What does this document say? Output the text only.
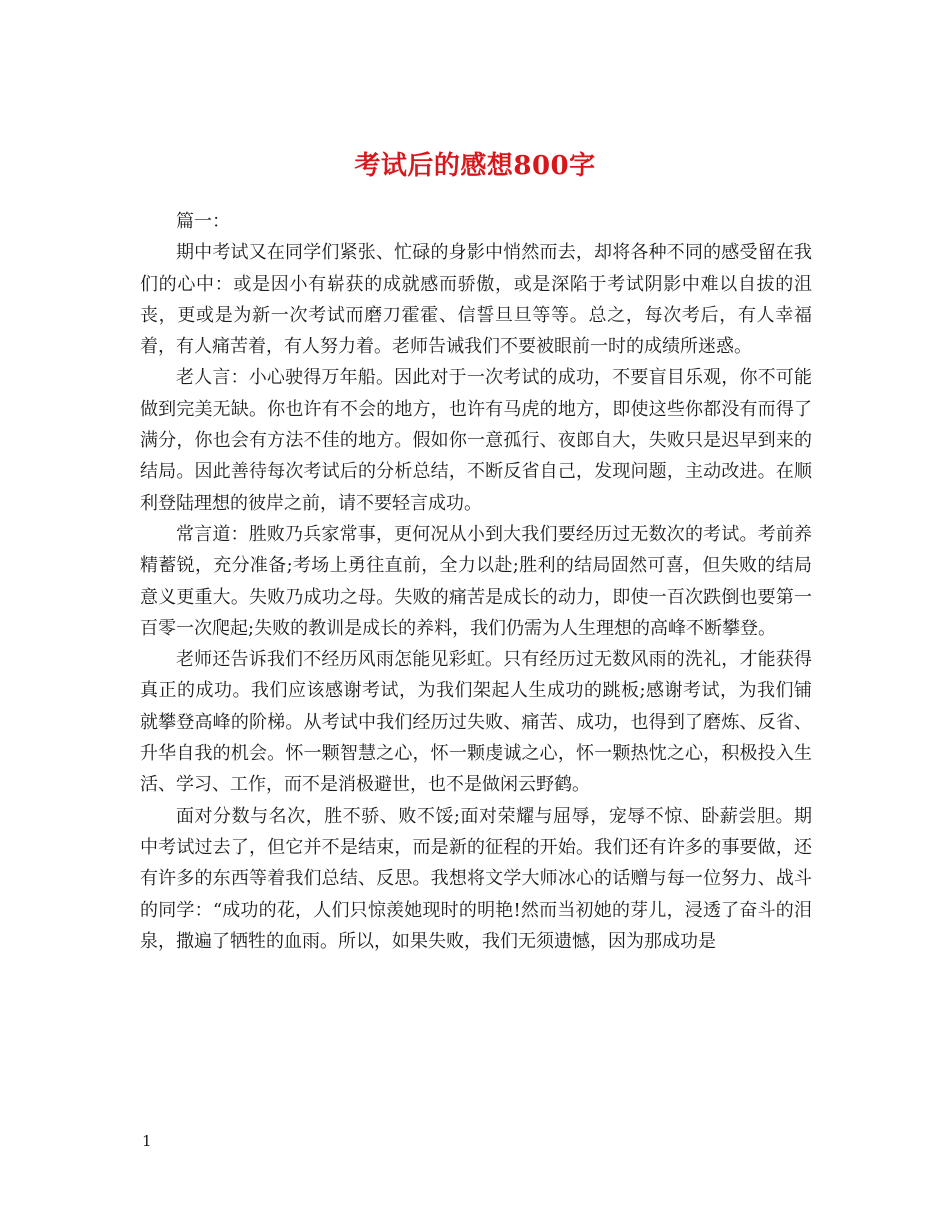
考试后的感想800字

篇一：

期中考试又在同学们紧张、忙碌的身影中悄然而去，却将各种不同的感受留在我们的心中：或是因小有崭获的成就感而骄傲，或是深陷于考试阴影中难以自拔的沮丧，更或是为新一次考试而磨刀霍霍、信誓旦旦等等。总之，每次考后，有人幸福着，有人痛苦着，有人努力着。老师告诫我们不要被眼前一时的成绩所迷惑。

老人言：小心驶得万年船。因此对于一次考试的成功，不要盲目乐观，你不可能做到完美无缺。你也许有不会的地方，也许有马虎的地方，即使这些你都没有而得了满分，你也会有方法不佳的地方。假如你一意孤行、夜郎自大，失败只是迟早到来的结局。因此善待每次考试后的分析总结，不断反省自己，发现问题，主动改进。在顺利登陆理想的彼岸之前，请不要轻言成功。

常言道：胜败乃兵家常事，更何况从小到大我们要经历过无数次的考试。考前养精蓄锐，充分准备;考场上勇往直前，全力以赴;胜利的结局固然可喜，但失败的结局意义更重大。失败乃成功之母。失败的痛苦是成长的动力，即使一百次跌倒也要第一百零一次爬起;失败的教训是成长的养料，我们仍需为人生理想的高峰不断攀登。

老师还告诉我们不经历风雨怎能见彩虹。只有经历过无数风雨的洗礼，才能获得真正的成功。我们应该感谢考试，为我们架起人生成功的跳板;感谢考试，为我们铺就攀登高峰的阶梯。从考试中我们经历过失败、痛苦、成功，也得到了磨炼、反省、升华自我的机会。怀一颗智慧之心，怀一颗虔诚之心，怀一颗热忱之心，积极投入生活、学习、工作，而不是消极避世，也不是做闲云野鹤。

面对分数与名次，胜不骄、败不馁;面对荣耀与屈辱，宠辱不惊、卧薪尝胆。期中考试过去了，但它并不是结束，而是新的征程的开始。我们还有许多的事要做，还有许多的东西等着我们总结、反思。我想将文学大师冰心的话赠与每一位努力、战斗的同学：“成功的花，人们只惊羡她现时的明艳!然而当初她的芽儿，浸透了奋斗的泪泉，撒遍了牺牲的血雨。所以，如果失败，我们无须遗憾，因为那成功是

1
